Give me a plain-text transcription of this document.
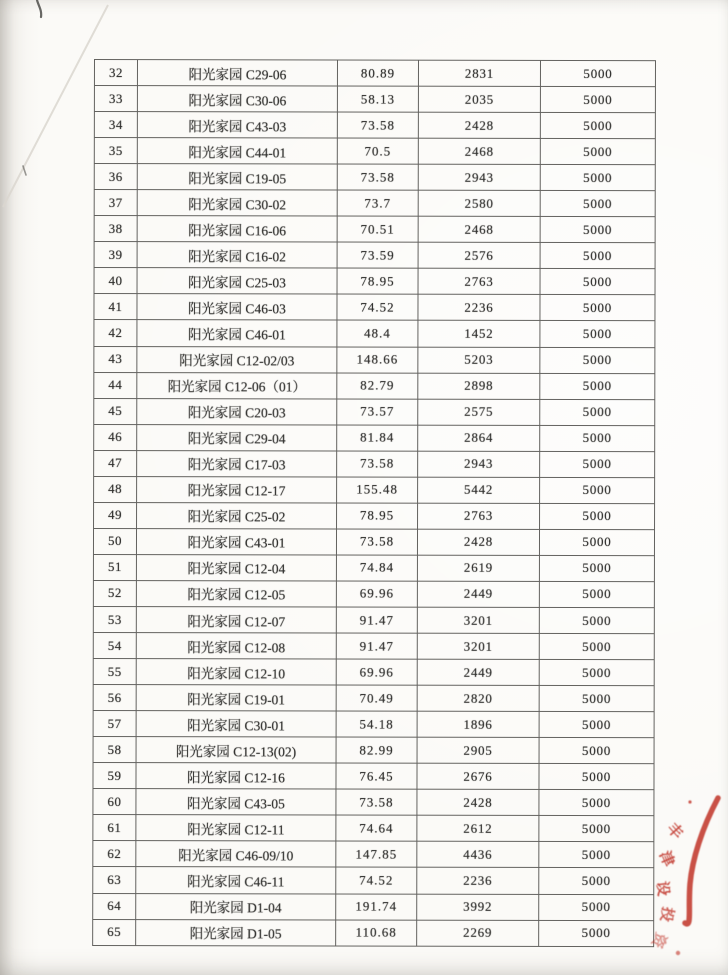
32	阳光家园 C29-06	80.89	2831	5000
33	阳光家园 C30-06	58.13	2035	5000
34	阳光家园 C43-03	73.58	2428	5000
35	阳光家园 C44-01	70.5	2468	5000
36	阳光家园 C19-05	73.58	2943	5000
37	阳光家园 C30-02	73.7	2580	5000
38	阳光家园 C16-06	70.51	2468	5000
39	阳光家园 C16-02	73.59	2576	5000
40	阳光家园 C25-03	78.95	2763	5000
41	阳光家园 C46-03	74.52	2236	5000
42	阳光家园 C46-01	48.4	1452	5000
43	阳光家园 C12-02/03	148.66	5203	5000
44	阳光家园 C12-06（01）	82.79	2898	5000
45	阳光家园 C20-03	73.57	2575	5000
46	阳光家园 C29-04	81.84	2864	5000
47	阳光家园 C17-03	73.58	2943	5000
48	阳光家园 C12-17	155.48	5442	5000
49	阳光家园 C25-02	78.95	2763	5000
50	阳光家园 C43-01	73.58	2428	5000
51	阳光家园 C12-04	74.84	2619	5000
52	阳光家园 C12-05	69.96	2449	5000
53	阳光家园 C12-07	91.47	3201	5000
54	阳光家园 C12-08	91.47	3201	5000
55	阳光家园 C12-10	69.96	2449	5000
56	阳光家园 C19-01	70.49	2820	5000
57	阳光家园 C30-01	54.18	1896	5000
58	阳光家园 C12-13(02)	82.99	2905	5000
59	阳光家园 C12-16	76.45	2676	5000
60	阳光家园 C43-05	73.58	2428	5000
61	阳光家园 C12-11	74.64	2612	5000
62	阳光家园 C46-09/10	147.85	4436	5000
63	阳光家园 C46-11	74.52	2236	5000
64	阳光家园 D1-04	191.74	3992	5000
65	阳光家园 D1-05	110.68	2269	5000
丰
津
设
投
资
